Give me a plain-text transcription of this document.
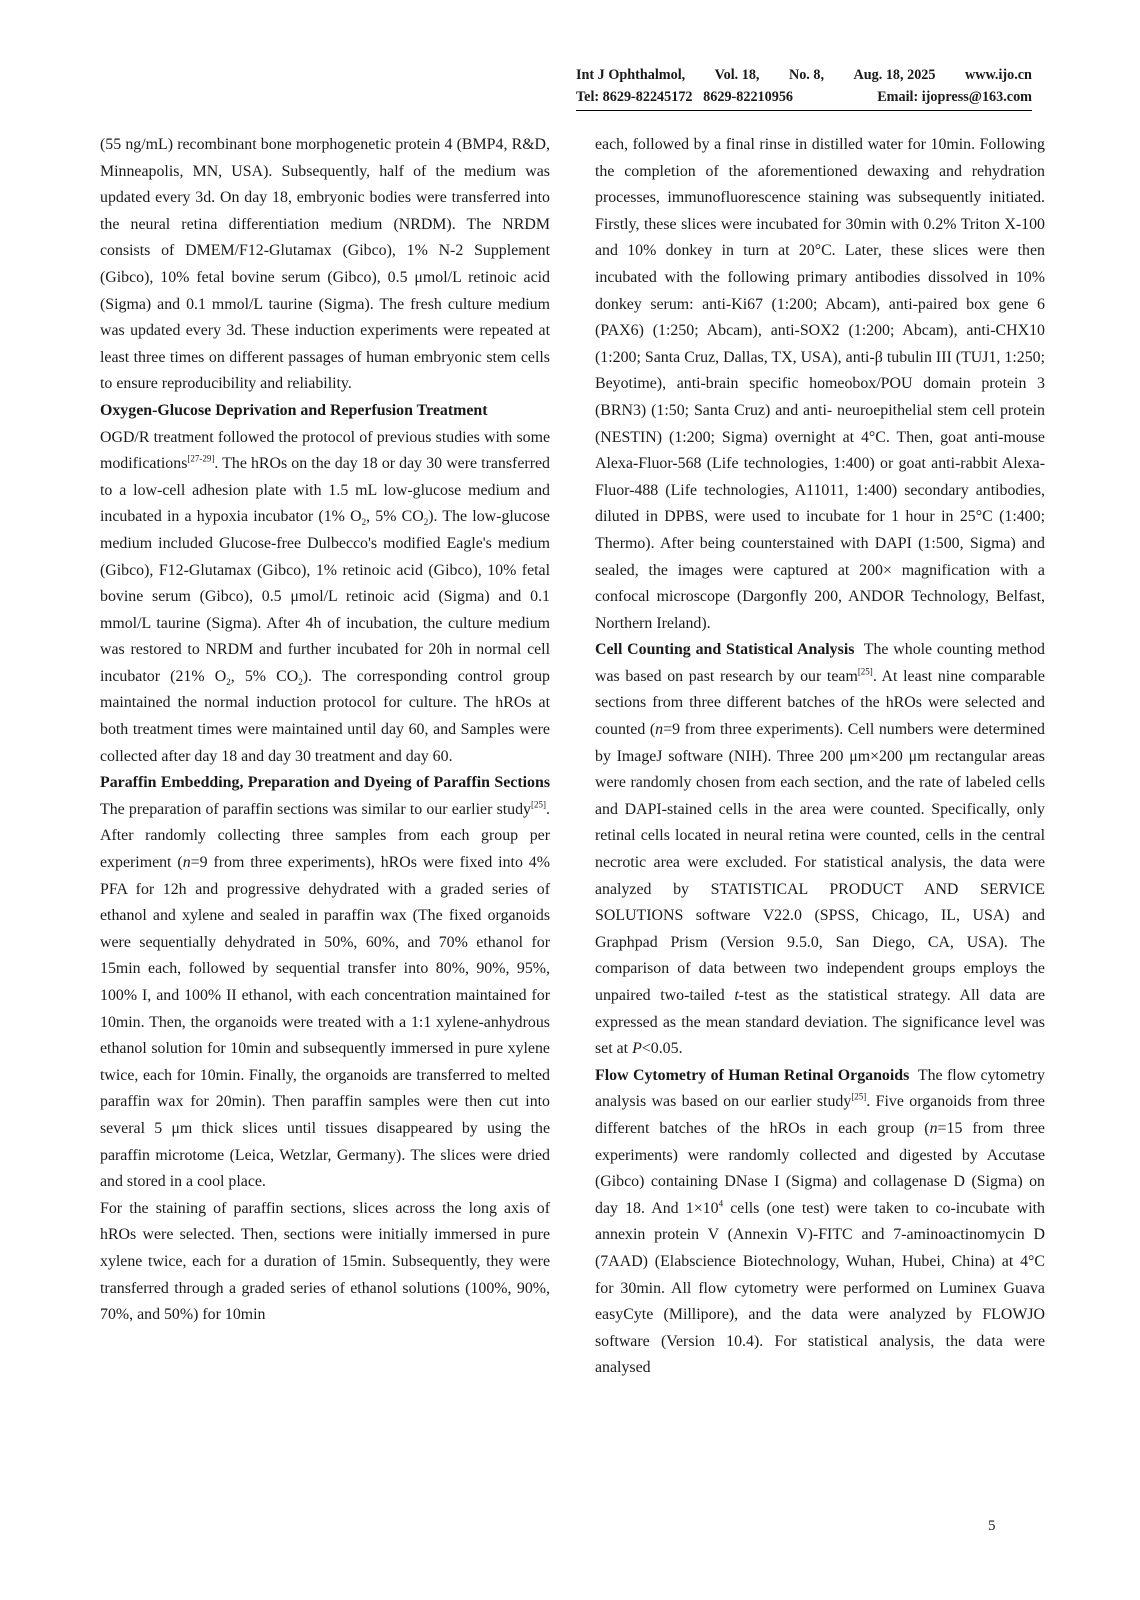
Int J Ophthalmol, Vol. 18, No. 8, Aug. 18, 2025 www.ijo.cn
Tel: 8629-82245172   8629-82210956	Email: ijopress@163.com

(55 ng/mL) recombinant bone morphogenetic protein 4 (BMP4, R&D, Minneapolis, MN, USA). Subsequently, half of the medium was updated every 3d. On day 18, embryonic bodies were transferred into the neural retina differentiation medium (NRDM). The NRDM consists of DMEM/F12-Glutamax (Gibco), 1% N-2 Supplement (Gibco), 10% fetal bovine serum (Gibco), 0.5 μmol/L retinoic acid (Sigma) and 0.1 mmol/L taurine (Sigma). The fresh culture medium was updated every 3d. These induction experiments were repeated at least three times on different passages of human embryonic stem cells to ensure reproducibility and reliability.

Oxygen-Glucose Deprivation and Reperfusion Treatment
OGD/R treatment followed the protocol of previous studies with some modifications[27-29]. The hROs on the day 18 or day 30 were transferred to a low-cell adhesion plate with 1.5 mL low-glucose medium and incubated in a hypoxia incubator (1% $O_2$, 5% $CO_2$). The low-glucose medium included Glucose-free Dulbecco's modified Eagle's medium (Gibco), F12-Glutamax (Gibco), 1% retinoic acid (Gibco), 10% fetal bovine serum (Gibco), 0.5 μmol/L retinoic acid (Sigma) and 0.1 mmol/L taurine (Sigma). After 4h of incubation, the culture medium was restored to NRDM and further incubated for 20h in normal cell incubator (21% $O_2$, 5% $CO_2$). The corresponding control group maintained the normal induction protocol for culture. The hROs at both treatment times were maintained until day 60, and Samples were collected after day 18 and day 30 treatment and day 60.

Paraffin Embedding, Preparation and Dyeing of Paraffin Sections  The preparation of paraffin sections was similar to our earlier study[25]. After randomly collecting three samples from each group per experiment (n=9 from three experiments), hROs were fixed into 4% PFA for 12h and progressive dehydrated with a graded series of ethanol and xylene and sealed in paraffin wax (The fixed organoids were sequentially dehydrated in 50%, 60%, and 70% ethanol for 15min each, followed by sequential transfer into 80%, 90%, 95%, 100% I, and 100% II ethanol, with each concentration maintained for 10min. Then, the organoids were treated with a 1:1 xylene-anhydrous ethanol solution for 10min and subsequently immersed in pure xylene twice, each for 10min. Finally, the organoids are transferred to melted paraffin wax for 20min). Then paraffin samples were then cut into several 5 μm thick slices until tissues disappeared by using the paraffin microtome (Leica, Wetzlar, Germany). The slices were dried and stored in a cool place.

For the staining of paraffin sections, slices across the long axis of hROs were selected. Then, sections were initially immersed in pure xylene twice, each for a duration of 15min. Subsequently, they were transferred through a graded series of ethanol solutions (100%, 90%, 70%, and 50%) for 10min

each, followed by a final rinse in distilled water for 10min. Following the completion of the aforementioned dewaxing and rehydration processes, immunofluorescence staining was subsequently initiated. Firstly, these slices were incubated for 30min with 0.2% Triton X-100 and 10% donkey in turn at 20°C. Later, these slices were then incubated with the following primary antibodies dissolved in 10% donkey serum: anti-Ki67 (1:200; Abcam), anti-paired box gene 6 (PAX6) (1:250; Abcam), anti-SOX2 (1:200; Abcam), anti-CHX10 (1:200; Santa Cruz, Dallas, TX, USA), anti-β tubulin III (TUJ1, 1:250; Beyotime), anti-brain specific homeobox/POU domain protein 3 (BRN3) (1:50; Santa Cruz) and anti- neuroepithelial stem cell protein (NESTIN) (1:200; Sigma) overnight at 4°C. Then, goat anti-mouse Alexa-Fluor-568 (Life technologies, 1:400) or goat anti-rabbit Alexa-Fluor-488 (Life technologies, A11011, 1:400) secondary antibodies, diluted in DPBS, were used to incubate for 1 hour in 25°C (1:400; Thermo). After being counterstained with DAPI (1:500, Sigma) and sealed, the images were captured at 200× magnification with a confocal microscope (Dargonfly 200, ANDOR Technology, Belfast, Northern Ireland).

Cell Counting and Statistical Analysis  The whole counting method was based on past research by our team[25]. At least nine comparable sections from three different batches of the hROs were selected and counted (n=9 from three experiments). Cell numbers were determined by ImageJ software (NIH). Three 200 μm×200 μm rectangular areas were randomly chosen from each section, and the rate of labeled cells and DAPI-stained cells in the area were counted. Specifically, only retinal cells located in neural retina were counted, cells in the central necrotic area were excluded. For statistical analysis, the data were analyzed by STATISTICAL PRODUCT AND SERVICE SOLUTIONS software V22.0 (SPSS, Chicago, IL, USA) and Graphpad Prism (Version 9.5.0, San Diego, CA, USA). The comparison of data between two independent groups employs the unpaired two-tailed t-test as the statistical strategy. All data are expressed as the mean standard deviation. The significance level was set at P<0.05.

Flow Cytometry of Human Retinal Organoids  The flow cytometry analysis was based on our earlier study[25]. Five organoids from three different batches of the hROs in each group (n=15 from three experiments) were randomly collected and digested by Accutase (Gibco) containing DNase I (Sigma) and collagenase D (Sigma) on day 18. And $1\times 10^4$ cells (one test) were taken to co-incubate with annexin protein V (Annexin V)-FITC and 7-aminoactinomycin D (7AAD) (Elabscience Biotechnology, Wuhan, Hubei, China) at 4°C for 30min. All flow cytometry were performed on Luminex Guava easyCyte (Millipore), and the data were analyzed by FLOWJO software (Version 10.4). For statistical analysis, the data were analysed

5
